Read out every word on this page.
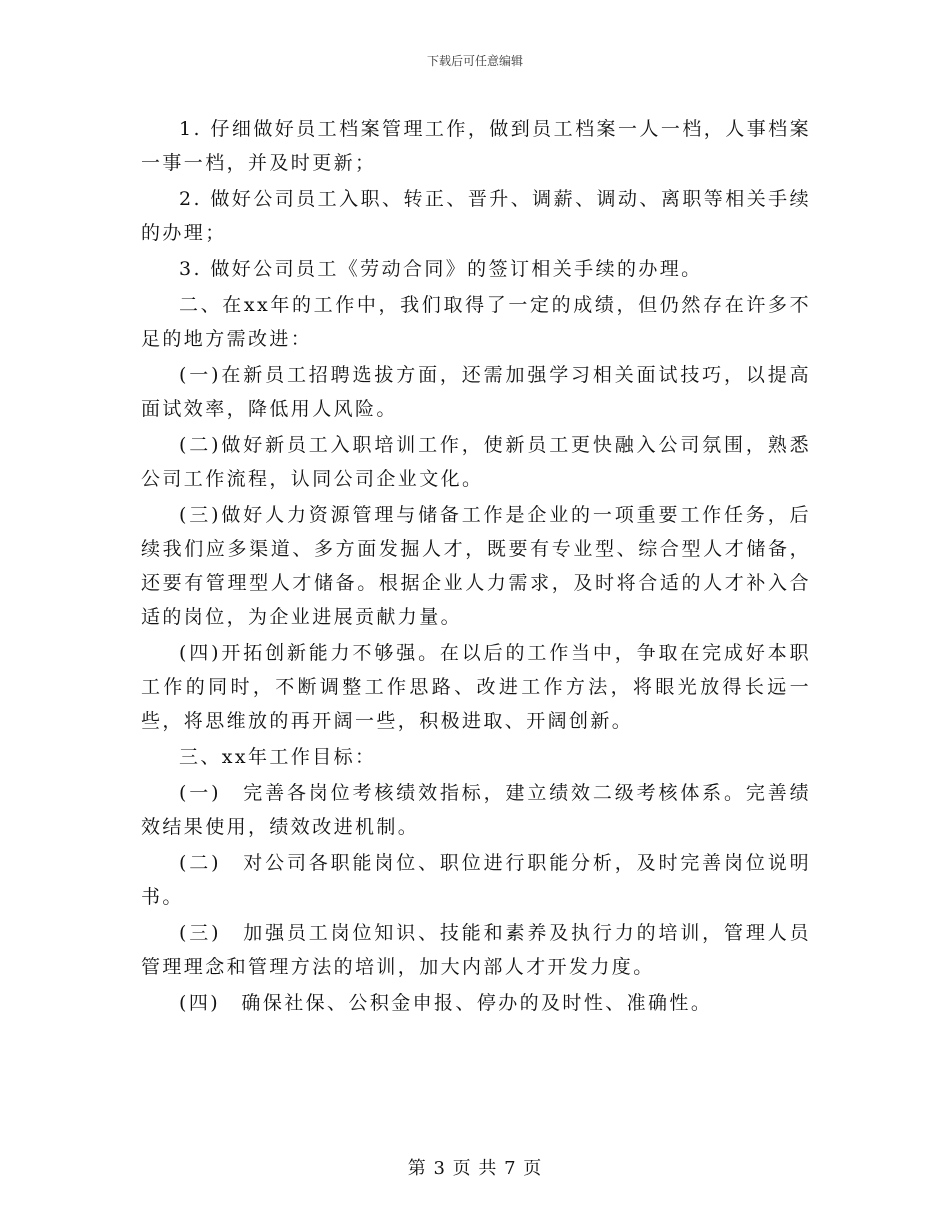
下载后可任意编辑

1. 仔细做好员工档案管理工作，做到员工档案一人一档，人事档案一事一档，并及时更新；

2. 做好公司员工入职、转正、晋升、调薪、调动、离职等相关手续的办理；

3. 做好公司员工《劳动合同》的签订相关手续的办理。

二、在xx年的工作中，我们取得了一定的成绩，但仍然存在许多不足的地方需改进：

(一)在新员工招聘选拔方面，还需加强学习相关面试技巧，以提高面试效率，降低用人风险。

(二)做好新员工入职培训工作，使新员工更快融入公司氛围，熟悉公司工作流程，认同公司企业文化。

(三)做好人力资源管理与储备工作是企业的一项重要工作任务，后续我们应多渠道、多方面发掘人才，既要有专业型、综合型人才储备，还要有管理型人才储备。根据企业人力需求，及时将合适的人才补入合适的岗位，为企业进展贡献力量。

(四)开拓创新能力不够强。在以后的工作当中，争取在完成好本职工作的同时，不断调整工作思路、改进工作方法，将眼光放得长远一些，将思维放的再开阔一些，积极进取、开阔创新。

三、xx年工作目标：

(一)　完善各岗位考核绩效指标，建立绩效二级考核体系。完善绩效结果使用，绩效改进机制。

(二)　对公司各职能岗位、职位进行职能分析，及时完善岗位说明书。

(三)　加强员工岗位知识、技能和素养及执行力的培训，管理人员管理理念和管理方法的培训，加大内部人才开发力度。

(四)　确保社保、公积金申报、停办的及时性、准确性。

第 3 页 共 7 页
